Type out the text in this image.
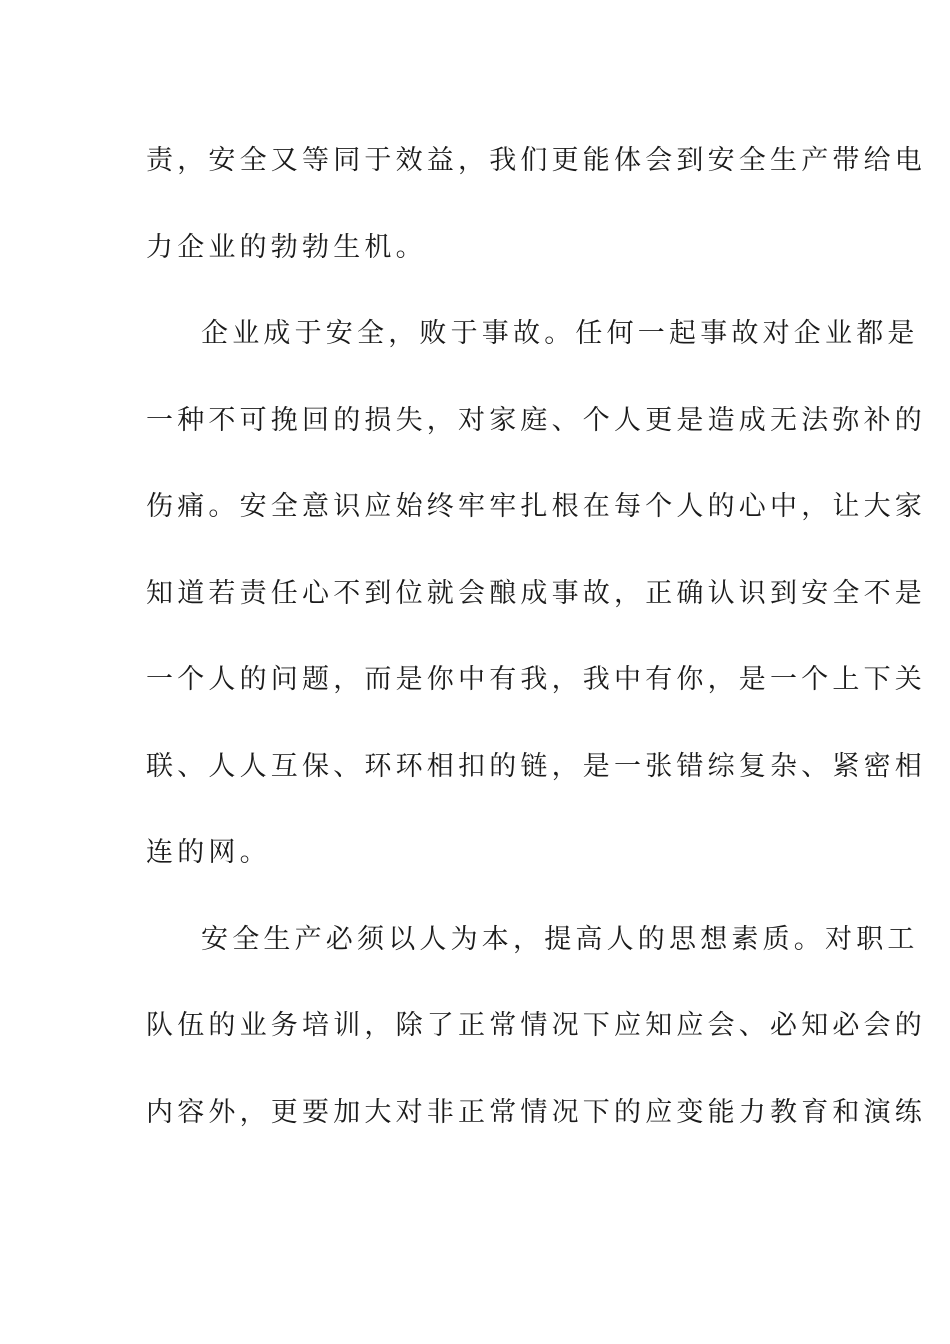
责，安全又等同于效益，我们更能体会到安全生产带给电
力企业的勃勃生机。
企业成于安全，败于事故。任何一起事故对企业都是
一种不可挽回的损失，对家庭、个人更是造成无法弥补的
伤痛。安全意识应始终牢牢扎根在每个人的心中，让大家
知道若责任心不到位就会酿成事故，正确认识到安全不是
一个人的问题，而是你中有我，我中有你，是一个上下关
联、人人互保、环环相扣的链，是一张错综复杂、紧密相
连的网。
安全生产必须以人为本，提高人的思想素质。对职工
队伍的业务培训，除了正常情况下应知应会、必知必会的
内容外，更要加大对非正常情况下的应变能力教育和演练
